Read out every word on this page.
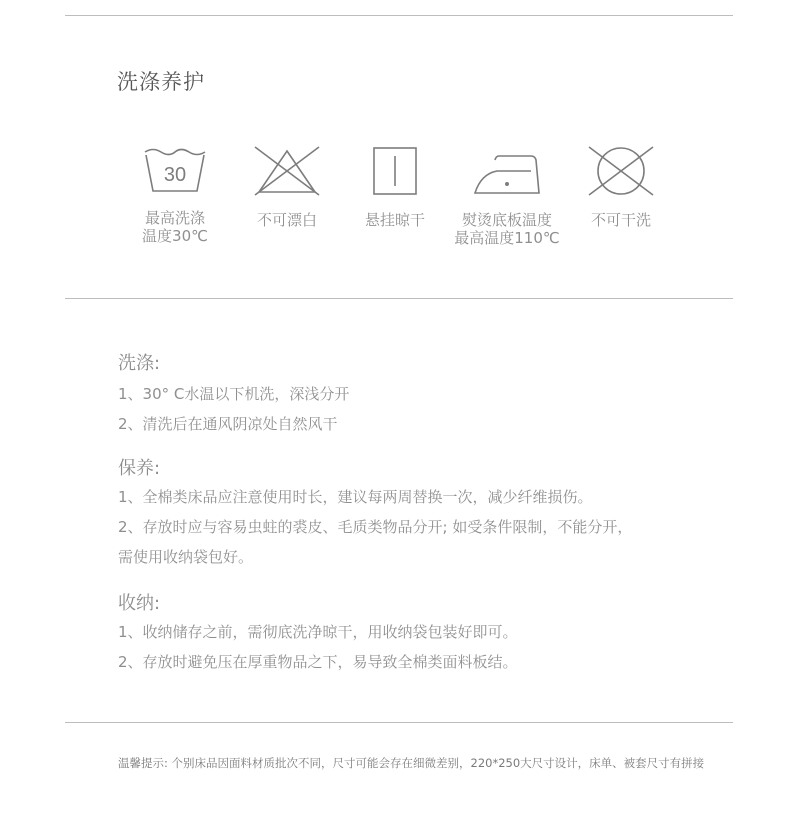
洗涤养护
30
最高洗涤
温度30℃
不可漂白	悬挂晾干	熨烫底板温度
最高温度110℃
不可干洗
洗涤:
1、30° C水温以下机洗，深浅分开
2、清洗后在通风阴凉处自然风干
保养:
1、全棉类床品应注意使用时长，建议每两周替换一次，减少纤维损伤。
2、存放时应与容易虫蛀的裘皮、毛质类物品分开; 如受条件限制，不能分开，
需使用收纳袋包好。
收纳:
1、收纳储存之前，需彻底洗净晾干，用收纳袋包装好即可。
2、存放时避免压在厚重物品之下，易导致全棉类面料板结。
温馨提示: 个别床品因面料材质批次不同，尺寸可能会存在细微差别，220*250大尺寸设计，床单、被套尺寸有拼接
